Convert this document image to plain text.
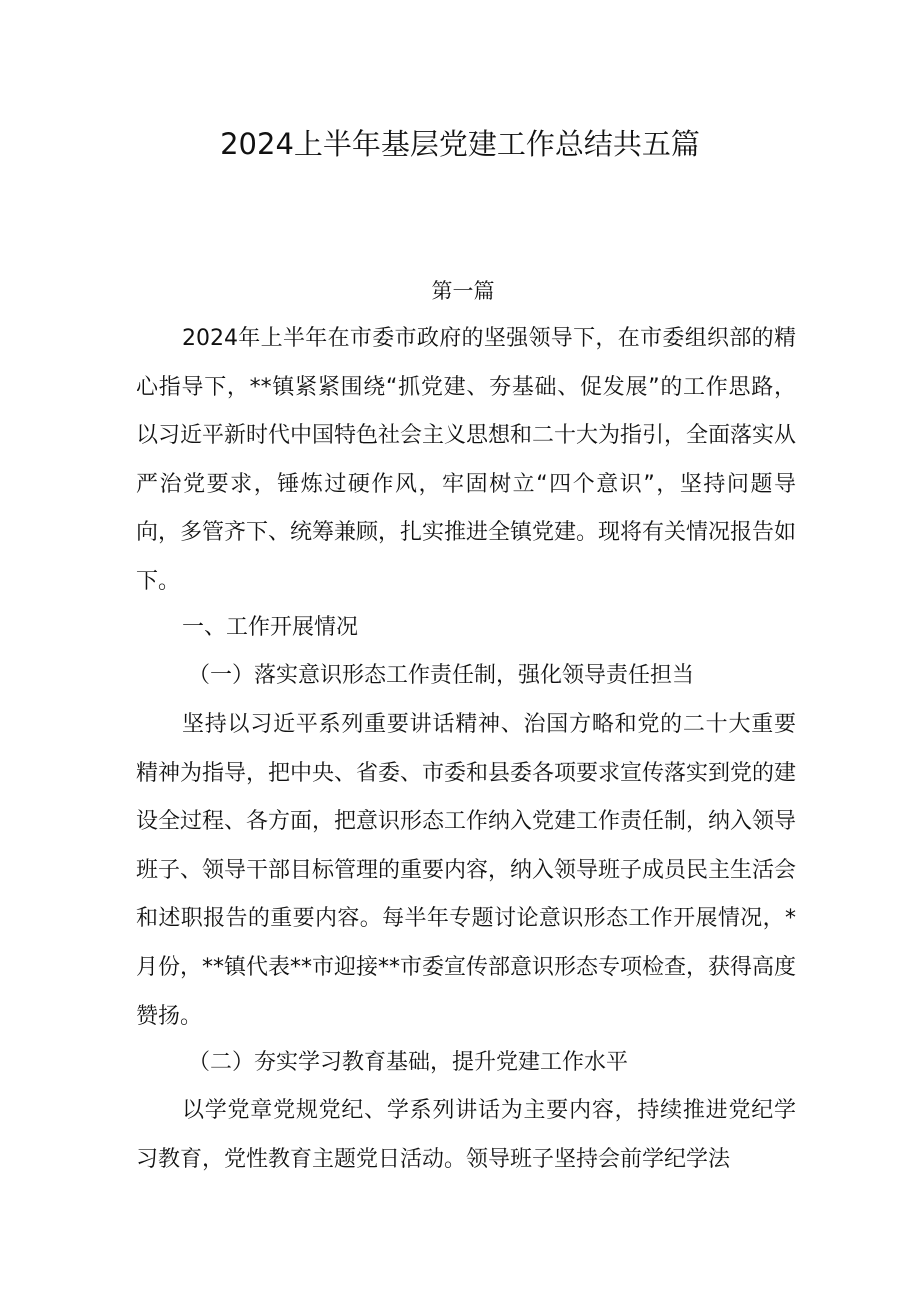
2024上半年基层党建工作总结共五篇
第一篇

2024年上半年在市委市政府的坚强领导下，在市委组织部的精心指导下，**镇紧紧围绕“抓党建、夯基础、促发展”的工作思路，以习近平新时代中国特色社会主义思想和二十大为指引，全面落实从严治党要求，锤炼过硬作风，牢固树立“四个意识”，坚持问题导向，多管齐下、统筹兼顾，扎实推进全镇党建。现将有关情况报告如下。

一、工作开展情况

（一）落实意识形态工作责任制，强化领导责任担当

坚持以习近平系列重要讲话精神、治国方略和党的二十大重要精神为指导，把中央、省委、市委和县委各项要求宣传落实到党的建设全过程、各方面，把意识形态工作纳入党建工作责任制，纳入领导班子、领导干部目标管理的重要内容，纳入领导班子成员民主生活会和述职报告的重要内容。每半年专题讨论意识形态工作开展情况，*月份，**镇代表**市迎接**市委宣传部意识形态专项检查，获得高度赞扬。

（二）夯实学习教育基础，提升党建工作水平

以学党章党规党纪、学系列讲话为主要内容，持续推进党纪学习教育，党性教育主题党日活动。领导班子坚持会前学纪学法
